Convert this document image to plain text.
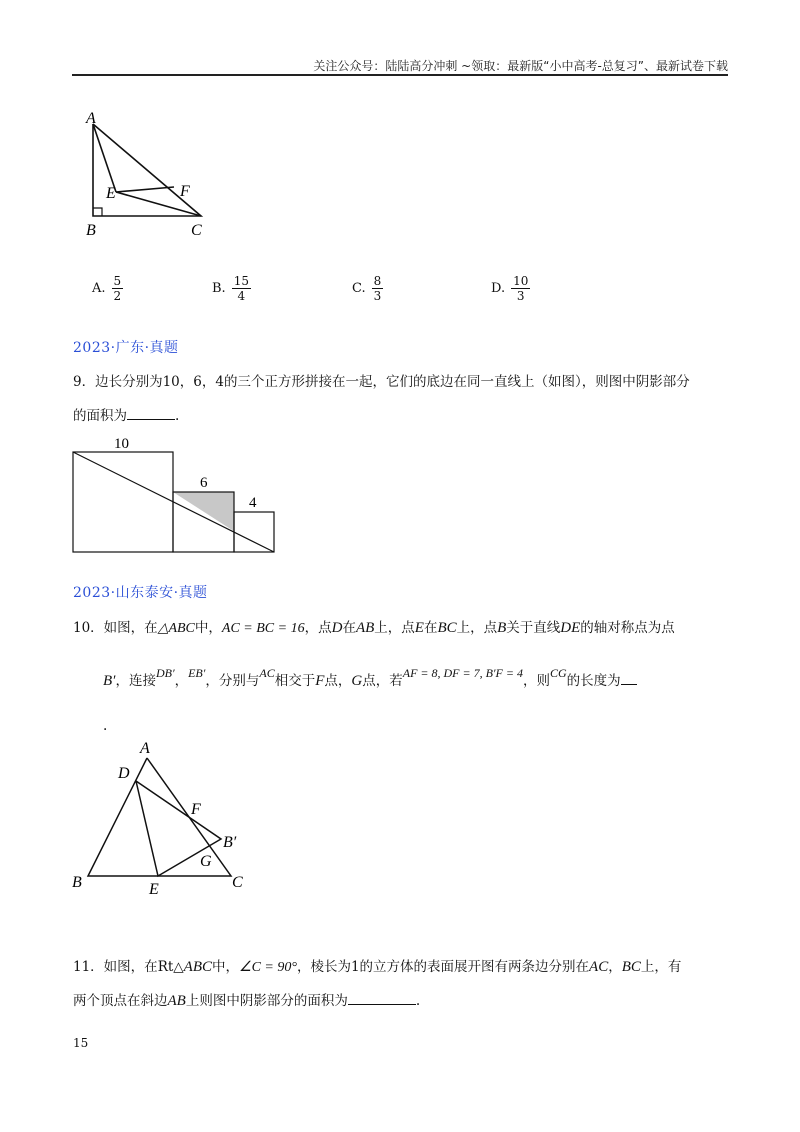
关注公众号：陆陆高分冲刺 ~领取：最新版“小中高考-总复习”、最新试卷下载
A
B	C
E	F
A. $\frac{5}{2}$	B. $\frac{15}{4}$	C. $\frac{8}{3}$	D. $\frac{10}{3}$
2023·广东·真题
9．边长分别为10，6，4的三个正方形拼接在一起，它们的底边在同一直线上（如图），则图中阴影部分
的面积为	.
10
6
4
2023·山东泰安·真题
10．如图，在△ABC中，AC = BC = 16，点D在AB上，点E在BC上，点B关于直线DE的轴对称点为点
B′，连接DB′，EB′，分别与AC相交于F点，G点，若AF = 8, DF = 7, B′F = 4，则CG的长度为
.
A
D
F
B′
G
B	E	C
11．如图，在Rt△ABC中，∠C = 90°，棱长为1的立方体的表面展开图有两条边分别在AC，BC上，有
两个顶点在斜边AB上则图中阴影部分的面积为	.
15
